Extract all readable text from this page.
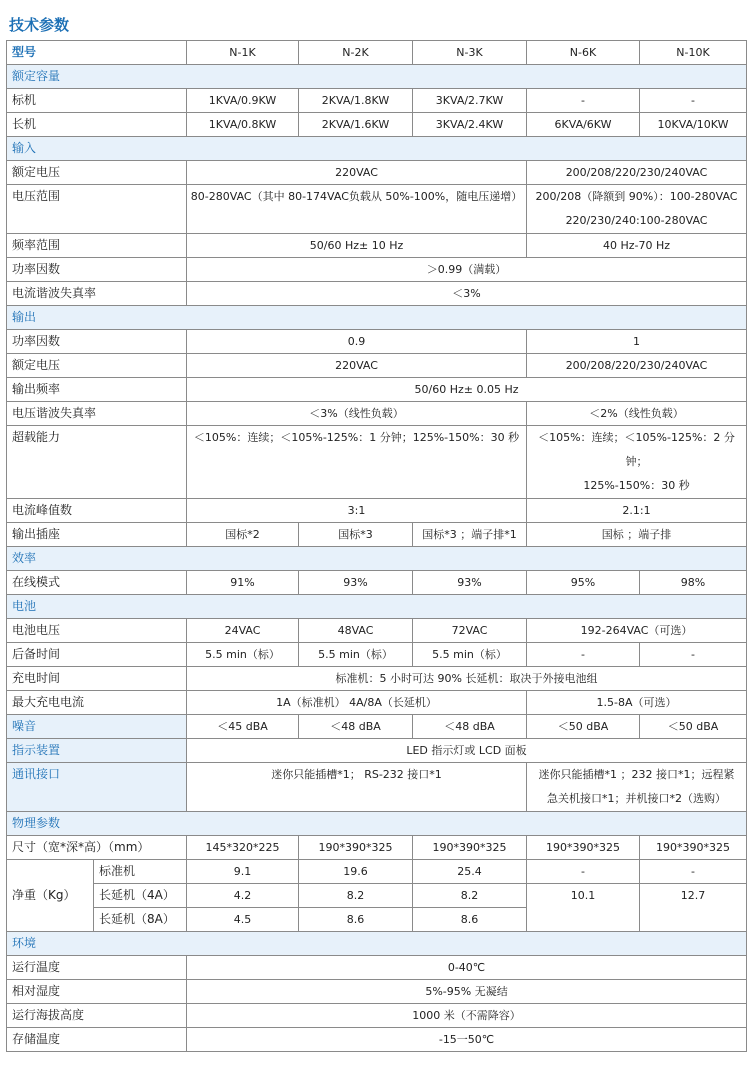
技术参数
型号		N-1K	N-2K	N-3K	N-6K	N-10K
额定容量						
标机		1KVA/0.9KW	2KVA/1.8KW	3KVA/2.7KW	-	-
长机		1KVA/0.8KW	2KVA/1.6KW	3KVA/2.4KW	6KVA/6KW	10KVA/10KW
输入						
额定电压		220VAC			200/208/220/230/240VAC	
电压范围		80-280VAC（其中 80-174VAC负载从 50%-100%，随电压递增）			200/208（降额到 90%）：100-280VAC
220/230/240:100-280VAC	

频率范围		50/60 Hz± 10 Hz			40 Hz-70 Hz	
功率因数		＞0.99（满载）				
电流谐波失真率		＜3%				
输出						
功率因数		0.9			1	
额定电压		220VAC			200/208/220/230/240VAC	
输出频率		50/60 Hz± 0.05 Hz				
电压谐波失真率		＜3%（线性负载）			＜2%（线性负载）	
超载能力		＜105%：连续；＜105%-125%：1 分钟；125%-150%：30 秒			＜105%：连续；＜105%-125%：2 分钟；
125%-150%：30 秒	

电流峰值数		3:1			2.1:1	
输出插座		国标*2	国标*3	国标*3 ；端子排*1	国标 ；端子排	
效率						
在线模式		91%	93%	93%	95%	98%
电池						
电池电压		24VAC	48VAC	72VAC	192-264VAC（可选）	
后备时间		5.5 min（标）	5.5 min（标）	5.5 min（标）	-	-
充电时间		标准机：5 小时可达 90% 长延机：取决于外接电池组				
最大充电电流		1A（标准机） 4A/8A（长延机）			1.5-8A（可选）	
噪音		＜45 dBA	＜48 dBA	＜48 dBA	＜50 dBA	＜50 dBA
指示装置		LED 指示灯或 LCD 面板				
通讯接口		迷你只能插槽*1； RS-232 接口*1			迷你只能插槽*1 ；232 接口*1；远程紧
急关机接口*1；并机接口*2（选购）	

物理参数						
尺寸（宽*深*高）（mm）		145*320*225	190*390*325	190*390*325	190*390*325	190*390*325
净重（Kg）	标准机	9.1	19.6	25.4	-	-
	长延机（4A）	4.2	8.2	8.2	10.1	12.7
	长延机（8A）	4.5	8.6	8.6		
环境						
运行温度		0-40℃				
相对湿度		5%-95% 无凝结				
运行海拔高度		1000 米（不需降容）				
存储温度		-15一50℃				
